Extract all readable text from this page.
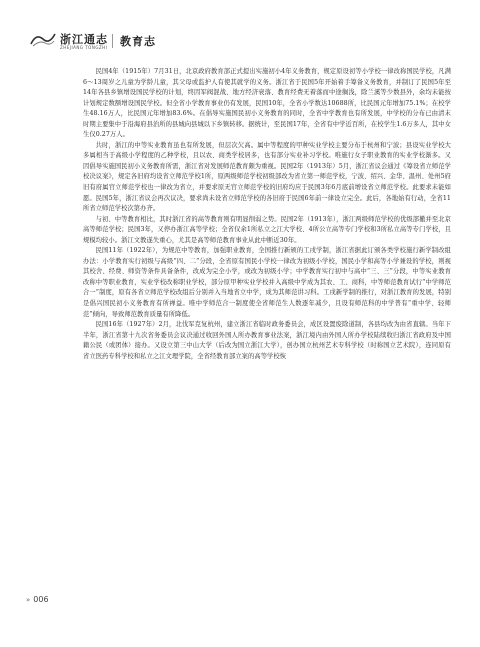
浙江通志
ZHEJIANG TONGZHI 教育志

民国4年（1915年）7月31日，北京政府教育部正式提出实施初小4年义务教育，规定原设初等小学校一律改称国民学校，凡满6～13周岁之儿童为学龄儿童，其父母或监护人有使其就学的义务。浙江省于民国5年开始着手筹备义务教育，并制订了民国5年至14年各县乡镇增设国民学校的计划，终因军阀混战、地方经济衰落、教育经费无着落而中途搁浅，除兰溪等少数县外，余均未能按计划规定数额增设国民学校。但全省小学教育事业仍有发展，民国10年，全省小学数达10688所，比民国元年增加75.1%；在校学生48.16万人，比民国元年增加83.6%。在倡导实施国民初小义务教育的同时，全省中学教育也有所发展，中学校的分布已由清末时期主要集中于沿海府县治所的县城向县城以下乡镇转移。据统计，至民国17年，全省有中学近百所，在校学生1.6万多人，其中女生仅0.27万人。

共时，浙江的中等实业教育虽也有所发展，但层次欠高。属中等程度的甲种实业学校主要分布于杭州和宁波；县设实业学校大多属相当于高级小学程度的乙种学校，且以农、商类学校居多，也有部分实业补习学校。唯施行女子职业教育的实业学校渐多。又因倡导实施国民初小义务教育所需，浙江省对发展师范教育颇为重视。民国2年（1913年）5月，浙江省议会通过《筹设省立师范学校决议案》，规定各旧府均设省立师范学校1所，原两级师范学校初级部改为省立第一师范学校，宁波、绍兴、金华、温州、处州5府旧有府属官立师范学校也一律改为省立，并要求原无官立师范学校的旧府均应于民国3年6月底前增设省立师范学校。此要求未能如愿。民国5年，浙江省议会再次议决，要求尚未设省立师范学校的各旧府于民国6年前一律设立完全。此后，各地始有行动，全省11所省立师范学校次第办齐。

与初、中等教育相比，其时浙江省的高等教育则有明显削弱之势。民国2年（1913年），浙江两级师范学校的优级部撤并至北京高等师范学校；民国3年，又停办浙江高等学校；全省仅余1所私立之江大学校、4所公立高等专门学校和3所私立高等专门学校，且规模均较小。浙江文教遂失重心，尤其是高等师范教育事业从此中断近30年。

民国11年（1922年），为规范中等教育，加强职业教育，全国推行新颁的工戌学制，浙江省据此订颁各类学校施行新学制改组办法：小学教育实行初级与高级“四、二”分段，全省原有国民小学校一律改为初级小学校，国民小学和高等小学兼设的学校，则视其校舍、经费、师资等条件具备条件，改成为完全小学，或改为初级小学；中学教育实行初中与高中“三、三”分段，中等实业教育改称中等职业教育，实业学校改称职业学校，部分原甲种实业学校并入高级中学成为其农、工、商科，中等师范教育试行“中学师范合一”制度，原有各省立师范学校改组后分别并入当地省立中学，成为其师范讲习科。工戌新学制的推行，对浙江教育的发展，特别是倡兴国民初小义务教育有所禅益。唯中学师范合一制度使全省师范生人数逐年减少，且设有师范科的中学普有“重中学、轻师范”倾向，导致师范教育质量有所降低。

民国16年（1927年）2月，北伐军克复杭州，建立浙江省临时政务委员会，成区设置废除道制，各县均改为由省直辖。当年下半年，浙江省第十九次省务委员会议决通过收回外国人所办教育事业法案，浙江境内由外国人所办学校陆续收归浙江省政府及中国籍公民（或团体）接办。又设立第三中山大学（后改为国立浙江大学），创办国立杭州艺术专科学校（时称国立艺术院），连同原有省立医药专科学校和私立之江文理学院，全省经教育部立案的高等学校恢

» 006
